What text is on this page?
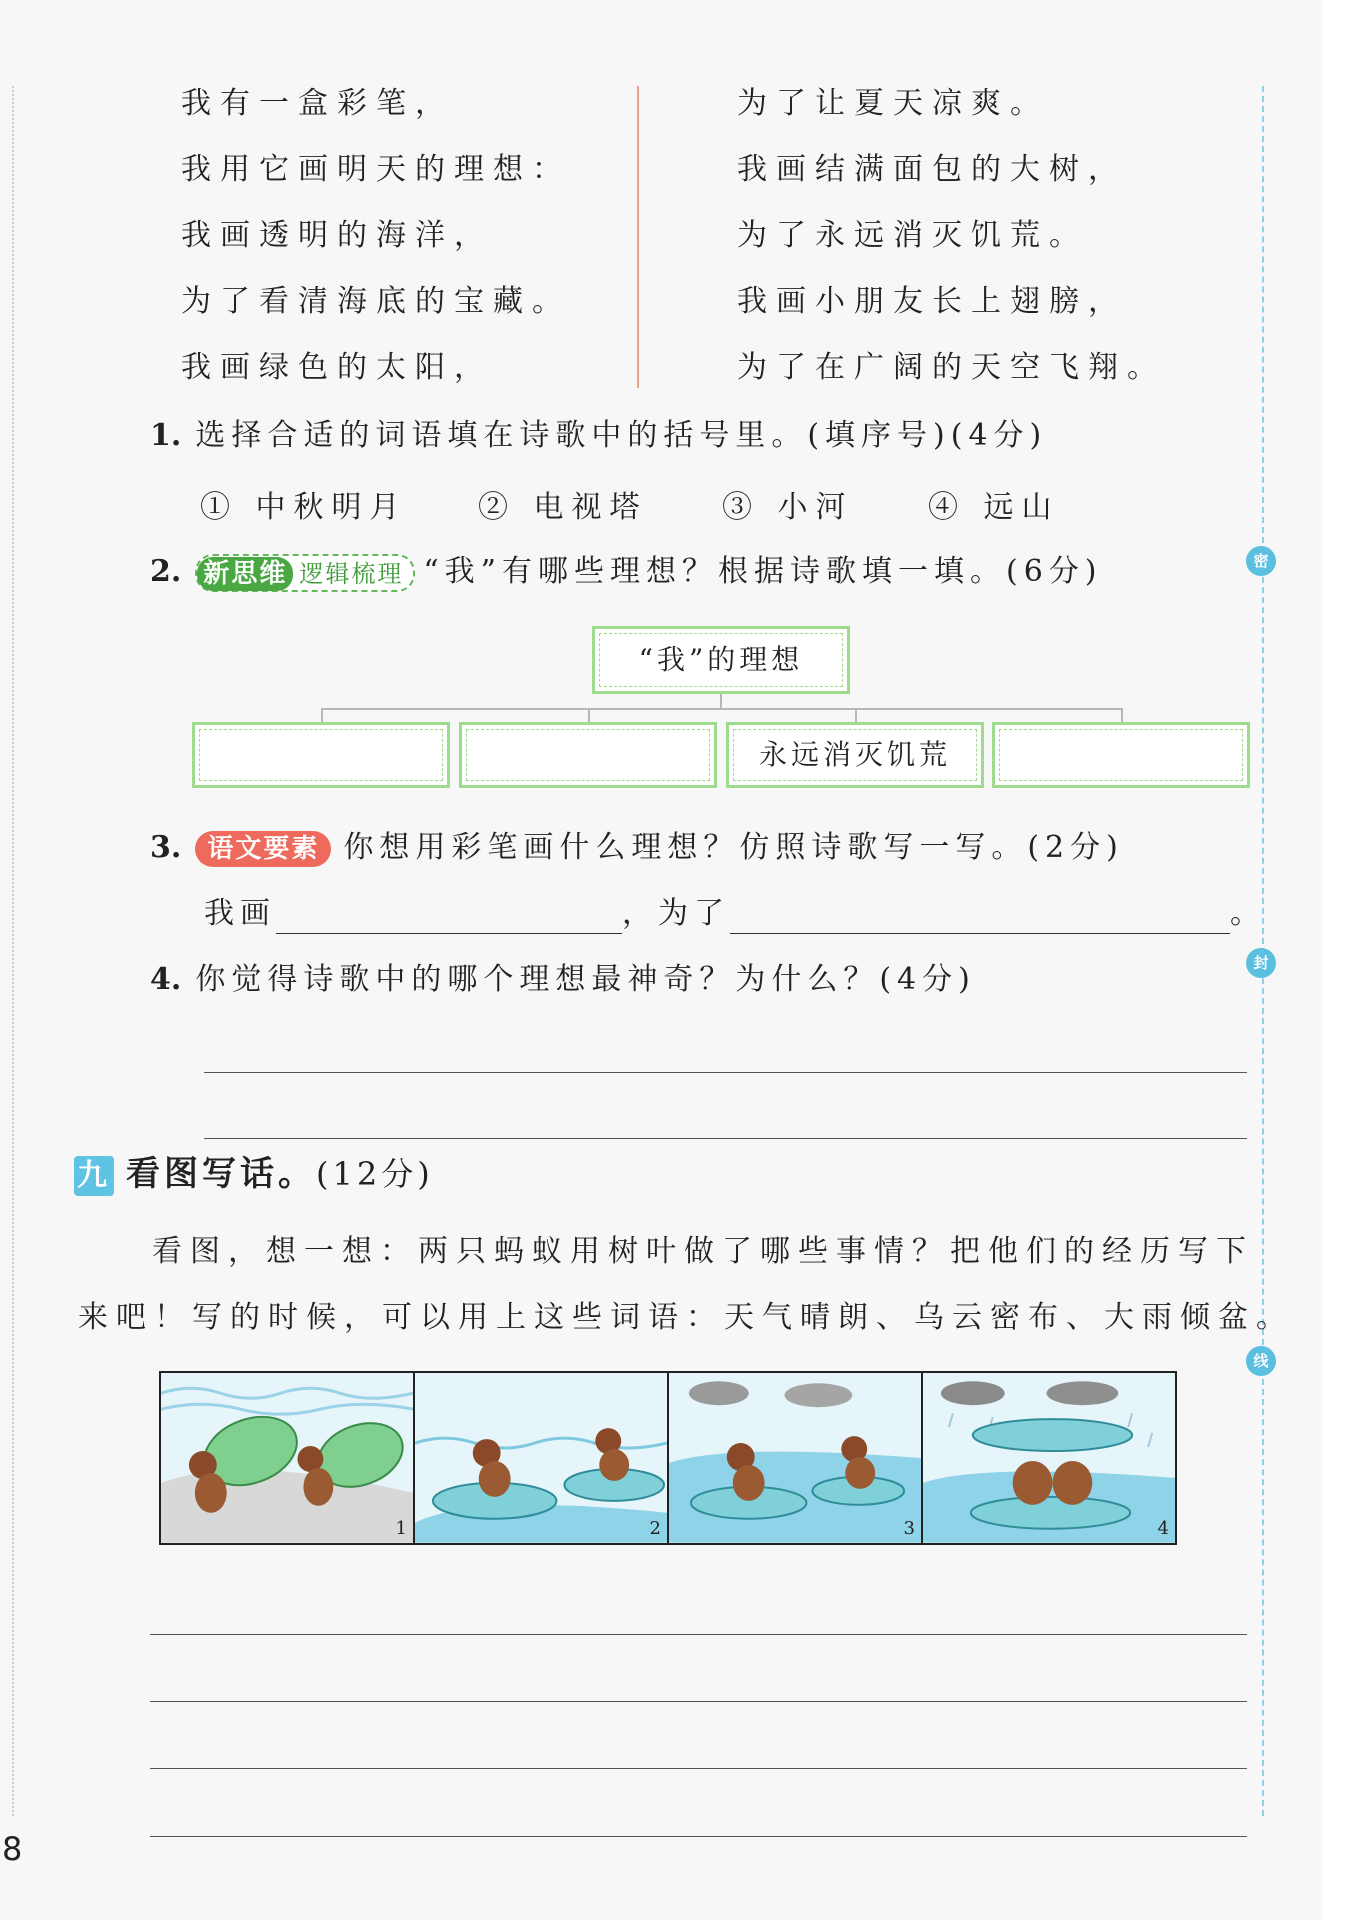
密
封
线
我有一盒彩笔，
我用它画明天的理想：
我画透明的海洋，
为了看清海底的宝藏。
我画绿色的太阳，
为了让夏天凉爽。
我画结满面包的大树，
为了永远消灭饥荒。
我画小朋友长上翅膀，
为了在广阔的天空飞翔。
1. 选择合适的词语填在诗歌中的括号里。(填序号)(4分)
① 中秋明月 ② 电视塔 ③ 小河 ④ 远山
2. 新思维 逻辑梳理 “我”有哪些理想？根据诗歌填一填。(6分)
“我”的理想
永远消灭饥荒
3. 语文要素 你想用彩笔画什么理想？仿照诗歌写一写。(2分)
我画	，为了	。
4. 你觉得诗歌中的哪个理想最神奇？为什么？(4分)
九 看图写话。(12分)
看图，想一想：两只蚂蚁用树叶做了哪些事情？把他们的经历写下
来吧！写的时候，可以用上这些词语：天气晴朗、乌云密布、大雨倾盆。
1	2	3	4
8
